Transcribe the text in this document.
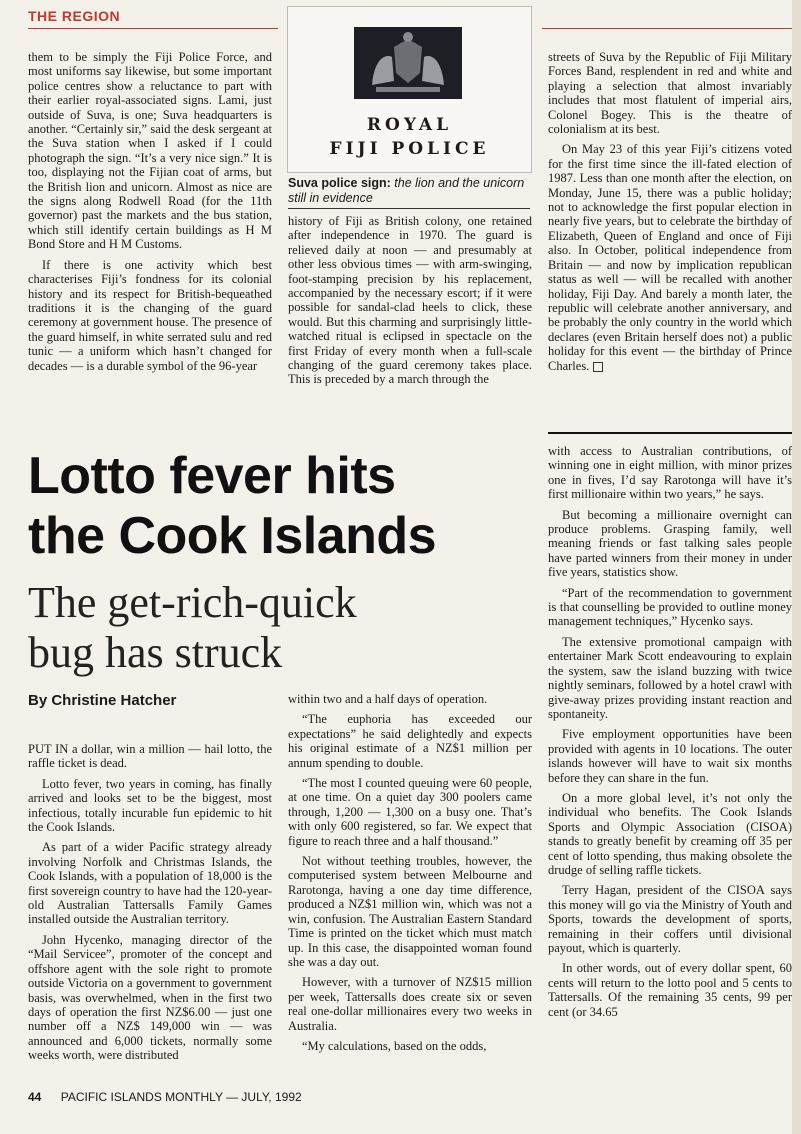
THE REGION

them to be simply the Fiji Police Force, and most uniforms say likewise, but some important police centres show a reluctance to part with their earlier royal-associated signs. Lami, just outside of Suva, is one; Suva headquarters is another. “Certainly sir,” said the desk sergeant at the Suva station when I asked if I could photograph the sign. “It’s a very nice sign.” It is too, displaying not the Fijian coat of arms, but the British lion and unicorn. Almost as nice are the signs along Rodwell Road (for the 11th governor) past the markets and the bus station, which still identify certain buildings as H M Bond Store and H M Customs.

If there is one activity which best characterises Fiji’s fondness for its colonial history and its respect for British-bequeathed traditions it is the changing of the guard ceremony at government house. The presence of the guard himself, in white serrated sulu and red tunic — a uniform which hasn’t changed for decades — is a durable symbol of the 96-year

ROYAL
FIJI POLICE
Suva police sign: the lion and the unicorn still in evidence

history of Fiji as British colony, one retained after independence in 1970. The guard is relieved daily at noon — and presumably at other less obvious times — with arm-swinging, foot-stamping precision by his replacement, accompanied by the necessary escort; if it were possible for sandal-clad heels to click, these would. But this charming and surprisingly little-watched ritual is eclipsed in spectacle on the first Friday of every month when a full-scale changing of the guard ceremony takes place. This is preceded by a march through the

streets of Suva by the Republic of Fiji Military Forces Band, resplendent in red and white and playing a selection that almost invariably includes that most flatulent of imperial airs, Colonel Bogey. This is the theatre of colonialism at its best.

On May 23 of this year Fiji’s citizens voted for the first time since the ill-fated election of 1987. Less than one month after the election, on Monday, June 15, there was a public holiday; not to acknowledge the first popular election in nearly five years, but to celebrate the birthday of Elizabeth, Queen of England and once of Fiji also. In October, political independence from Britain — and now by implication republican status as well — will be recalled with another holiday, Fiji Day. And barely a month later, the republic will celebrate another anniversary, and be probably the only country in the world which declares (even Britain herself does not) a public holiday for this event — the birthday of Prince Charles.

Lotto fever hits
the Cook Islands
The get-rich-quick
bug has struck
By Christine Hatcher

PUT IN a dollar, win a million — hail lotto, the raffle ticket is dead.

Lotto fever, two years in coming, has finally arrived and looks set to be the biggest, most infectious, totally incurable fun epidemic to hit the Cook Islands.

As part of a wider Pacific strategy already involving Norfolk and Christmas Islands, the Cook Islands, with a population of 18,000 is the first sovereign country to have had the 120-year-old Australian Tattersalls Family Games installed outside the Australian territory.

John Hycenko, managing director of the “Mail Servicee”, promoter of the concept and offshore agent with the sole right to promote outside Victoria on a government to government basis, was overwhelmed, when in the first two days of operation the first NZ$6.00 — just one number off a NZ$ 149,000 win — was announced and 6,000 tickets, normally some weeks worth, were distributed

within two and a half days of operation.

“The euphoria has exceeded our expectations” he said delightedly and expects his original estimate of a NZ$1 million per annum spending to double.

“The most I counted queuing were 60 people, at one time. On a quiet day 300 poolers came through, 1,200 — 1,300 on a busy one. That’s with only 600 registered, so far. We expect that figure to reach three and a half thousand.”

Not without teething troubles, however, the computerised system between Melbourne and Rarotonga, having a one day time difference, produced a NZ$1 million win, which was not a win, confusion. The Australian Eastern Standard Time is printed on the ticket which must match up. In this case, the disappointed woman found she was a day out.

However, with a turnover of NZ$15 million per week, Tattersalls does create six or seven real one-dollar millionaires every two weeks in Australia.

“My calculations, based on the odds,

with access to Australian contributions, of winning one in eight million, with minor prizes one in fives, I’d say Rarotonga will have it’s first millionaire within two years,” he says.

But becoming a millionaire overnight can produce problems. Grasping family, well meaning friends or fast talking sales people have parted winners from their money in under five years, statistics show.

“Part of the recommendation to government is that counselling be provided to outline money management techniques,” Hycenko says.

The extensive promotional campaign with entertainer Mark Scott endeavouring to explain the system, saw the island buzzing with twice nightly seminars, followed by a hotel crawl with give-away prizes providing instant reaction and spontaneity.

Five employment opportunities have been provided with agents in 10 locations. The outer islands however will have to wait six months before they can share in the fun.

On a more global level, it’s not only the individual who benefits. The Cook Islands Sports and Olympic Association (CISOA) stands to greatly benefit by creaming off 35 per cent of lotto spending, thus making obsolete the drudge of selling raffle tickets.

Terry Hagan, president of the CISOA says this money will go via the Ministry of Youth and Sports, towards the development of sports, remaining in their coffers until divisional payout, which is quarterly.

In other words, out of every dollar spent, 60 cents will return to the lotto pool and 5 cents to Tattersalls. Of the remaining 35 cents, 99 per cent (or 34.65

44 PACIFIC ISLANDS MONTHLY — JULY, 1992
